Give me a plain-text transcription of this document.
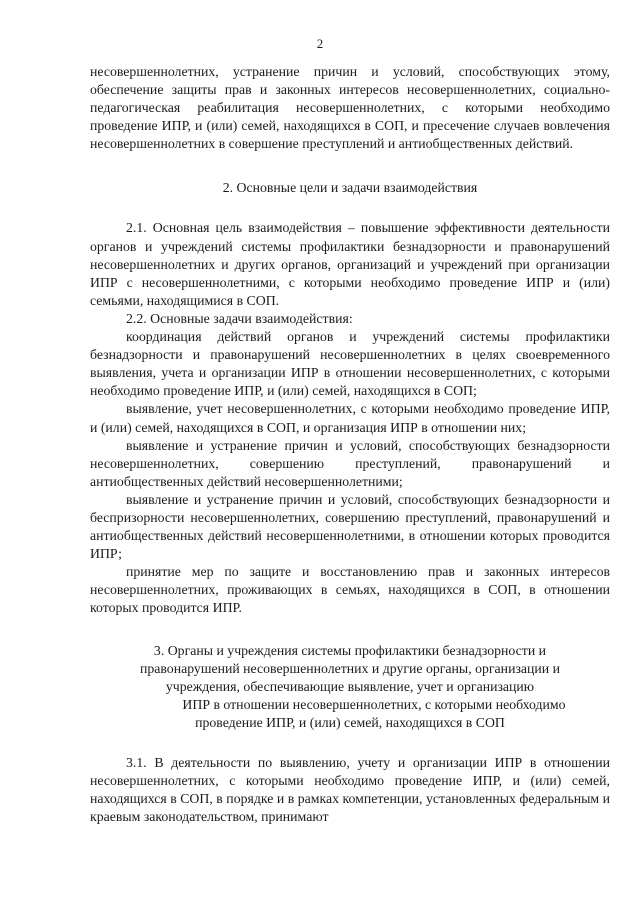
2

несовершеннолетних, устранение причин и условий, способствующих этому, обеспечение защиты прав и законных интересов несовершеннолетних, социально-педагогическая реабилитация несовершеннолетних, с которыми необходимо проведение ИПР, и (или) семей, находящихся в СОП, и пресечение случаев вовлечения несовершеннолетних в совершение преступлений и антиобщественных действий.

2. Основные цели и задачи взаимодействия

2.1. Основная цель взаимодействия – повышение эффективности деятельности органов и учреждений системы профилактики безнадзорности и правонарушений несовершеннолетних и других органов, организаций и учреждений при организации ИПР с несовершеннолетними, с которыми необходимо проведение ИПР и (или) семьями, находящимися в СОП.

2.2. Основные задачи взаимодействия:

координация действий органов и учреждений системы профилактики безнадзорности и правонарушений несовершеннолетних в целях своевременного выявления, учета и организации ИПР в отношении несовершеннолетних, с которыми необходимо проведение ИПР, и (или) семей, находящихся в СОП;

выявление, учет несовершеннолетних, с которыми необходимо проведение ИПР, и (или) семей, находящихся в СОП, и организация ИПР в отношении них;

выявление и устранение причин и условий, способствующих безнадзорности несовершеннолетних, совершению преступлений, правонарушений и антиобщественных действий несовершеннолетними;

выявление и устранение причин и условий, способствующих безнадзорности и беспризорности несовершеннолетних, совершению преступлений, правонарушений и антиобщественных действий несовершеннолетними, в отношении которых проводится ИПР;

принятие мер по защите и восстановлению прав и законных интересов несовершеннолетних, проживающих в семьях, находящихся в СОП, в отношении которых проводится ИПР.

3. Органы и учреждения системы профилактики безнадзорности и
правонарушений несовершеннолетних и другие органы, организации и
учреждения, обеспечивающие выявление, учет и организацию
ИПР в отношении несовершеннолетних, с которыми необходимо
проведение ИПР, и (или) семей, находящихся в СОП

3.1. В деятельности по выявлению, учету и организации ИПР в отношении несовершеннолетних, с которыми необходимо проведение ИПР, и (или) семей, находящихся в СОП, в порядке и в рамках компетенции, установленных федеральным и краевым законодательством, принимают
